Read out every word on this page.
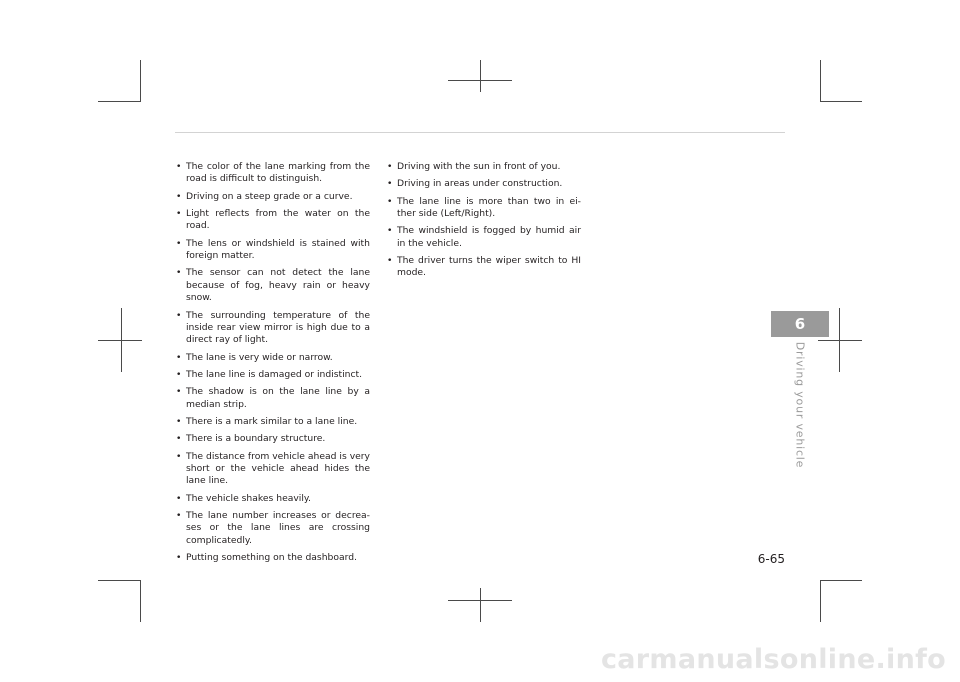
• The color of the lane marking from the road is difficult to distinguish.
• Driving on a steep grade or a curve.
• Light reflects from the water on the road.
• The lens or windshield is stained with foreign matter.
• The sensor can not detect the lane because of fog, heavy rain or heavy snow.
• The surrounding temperature of the inside rear view mirror is high due to a direct ray of light.
• The lane is very wide or narrow.
• The lane line is damaged or indistinct.
• The shadow is on the lane line by a median strip.
• There is a mark similar to a lane line.
• There is a boundary structure.
• The distance from vehicle ahead is very short or the vehicle ahead hides the lane line.
• The vehicle shakes heavily.
• The lane number increases or decrea-ses or the lane lines are crossing complicatedly.
• Putting something on the dashboard.
• Driving with the sun in front of you.
• Driving in areas under construction.
• The lane line is more than two in ei-ther side (Left/Right).
• The windshield is fogged by humid air in the vehicle.
• The driver turns the wiper switch to HI mode.
6
Driving your vehicle
6-65
carmanualsonline.info
